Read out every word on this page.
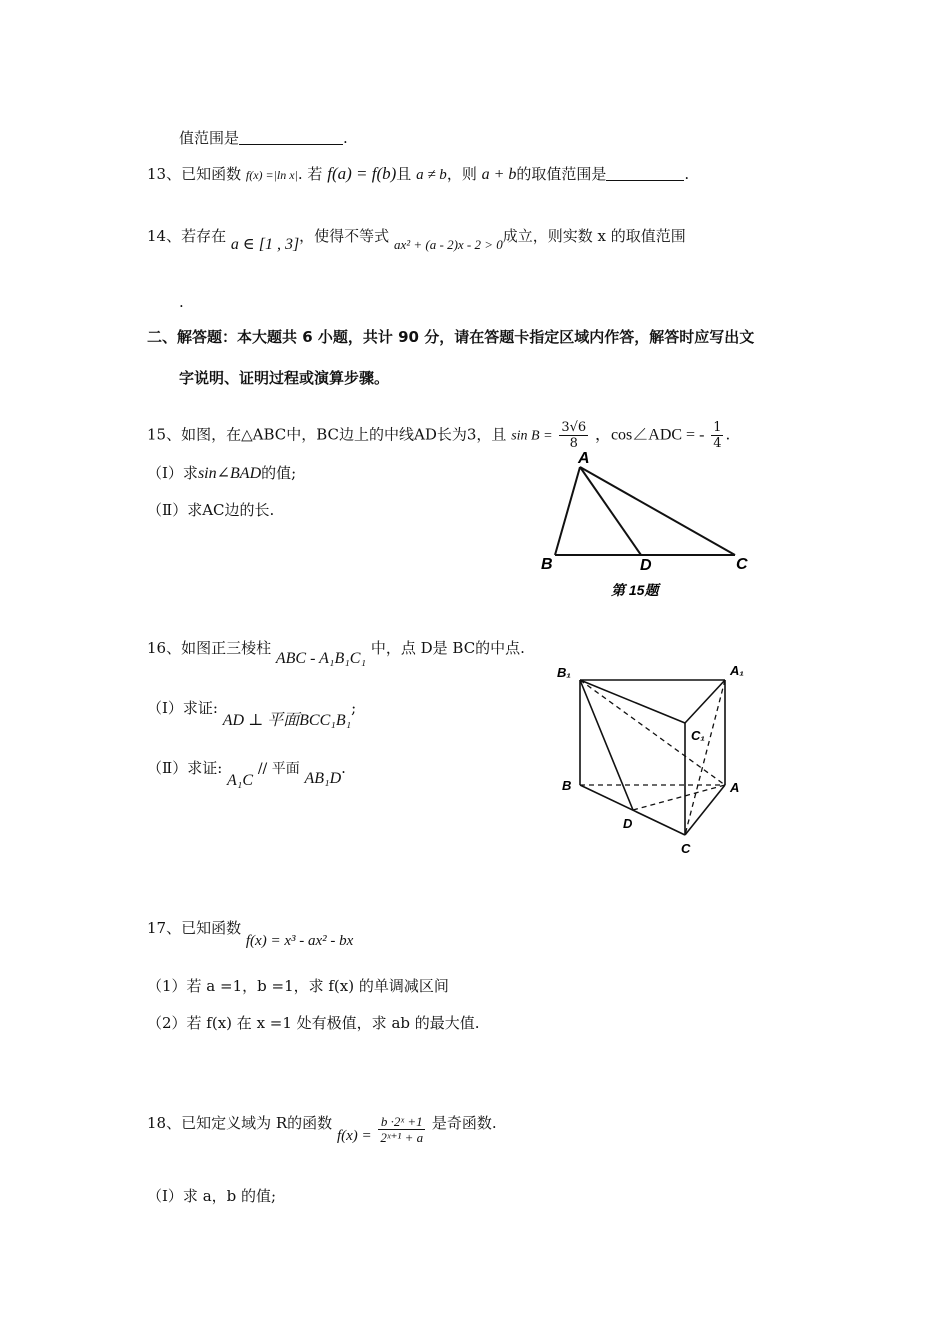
值范围是	.
13、已知函数 f(x) =|ln x|. 若 f(a) = f(b)且 a ≠ b，则 a + b的取值范围是	.
14、若存在 a ∈ [1 , 3]，使得不等式 ax² + (a - 2)x - 2 > 0成立，则实数 x 的取值范围
.
二、解答题：本大题共 6 小题，共计 90 分，请在答题卡指定区域内作答，解答时应写出文
字说明、证明过程或演算步骤。
15、如图，在△ABC中，BC边上的中线AD长为3，且 $\sin B = \frac{3√6}{8}$ ，cos∠ADC = - $\frac{1}{4}$ .
（Ⅰ）求sin∠BAD的值;
（Ⅱ）求AC边的长.
A
B	D	C
第 15题
16、如图正三棱柱 ABC - A₁B₁C₁ 中，点 D是 BC的中点.
（Ⅰ）求证: AD ⊥ 平面BCC₁B₁;
（Ⅱ）求证: A₁C // 平面 AB₁D.
B₁	A₁
C₁
B	A
D
C
17、已知函数 f(x) = x³ - ax² - bx
（1）若 a =1，b =1，求 f(x) 的单调减区间
（2）若 f(x) 在 x =1 处有极值，求 ab 的最大值.
18、已知定义域为 R的函数 $f(x) = \frac{\text{b ·2ˣ +1}}{\text{2ˣ⁺¹ + a}}$ 是奇函数.
（Ⅰ）求 a，b 的值;
